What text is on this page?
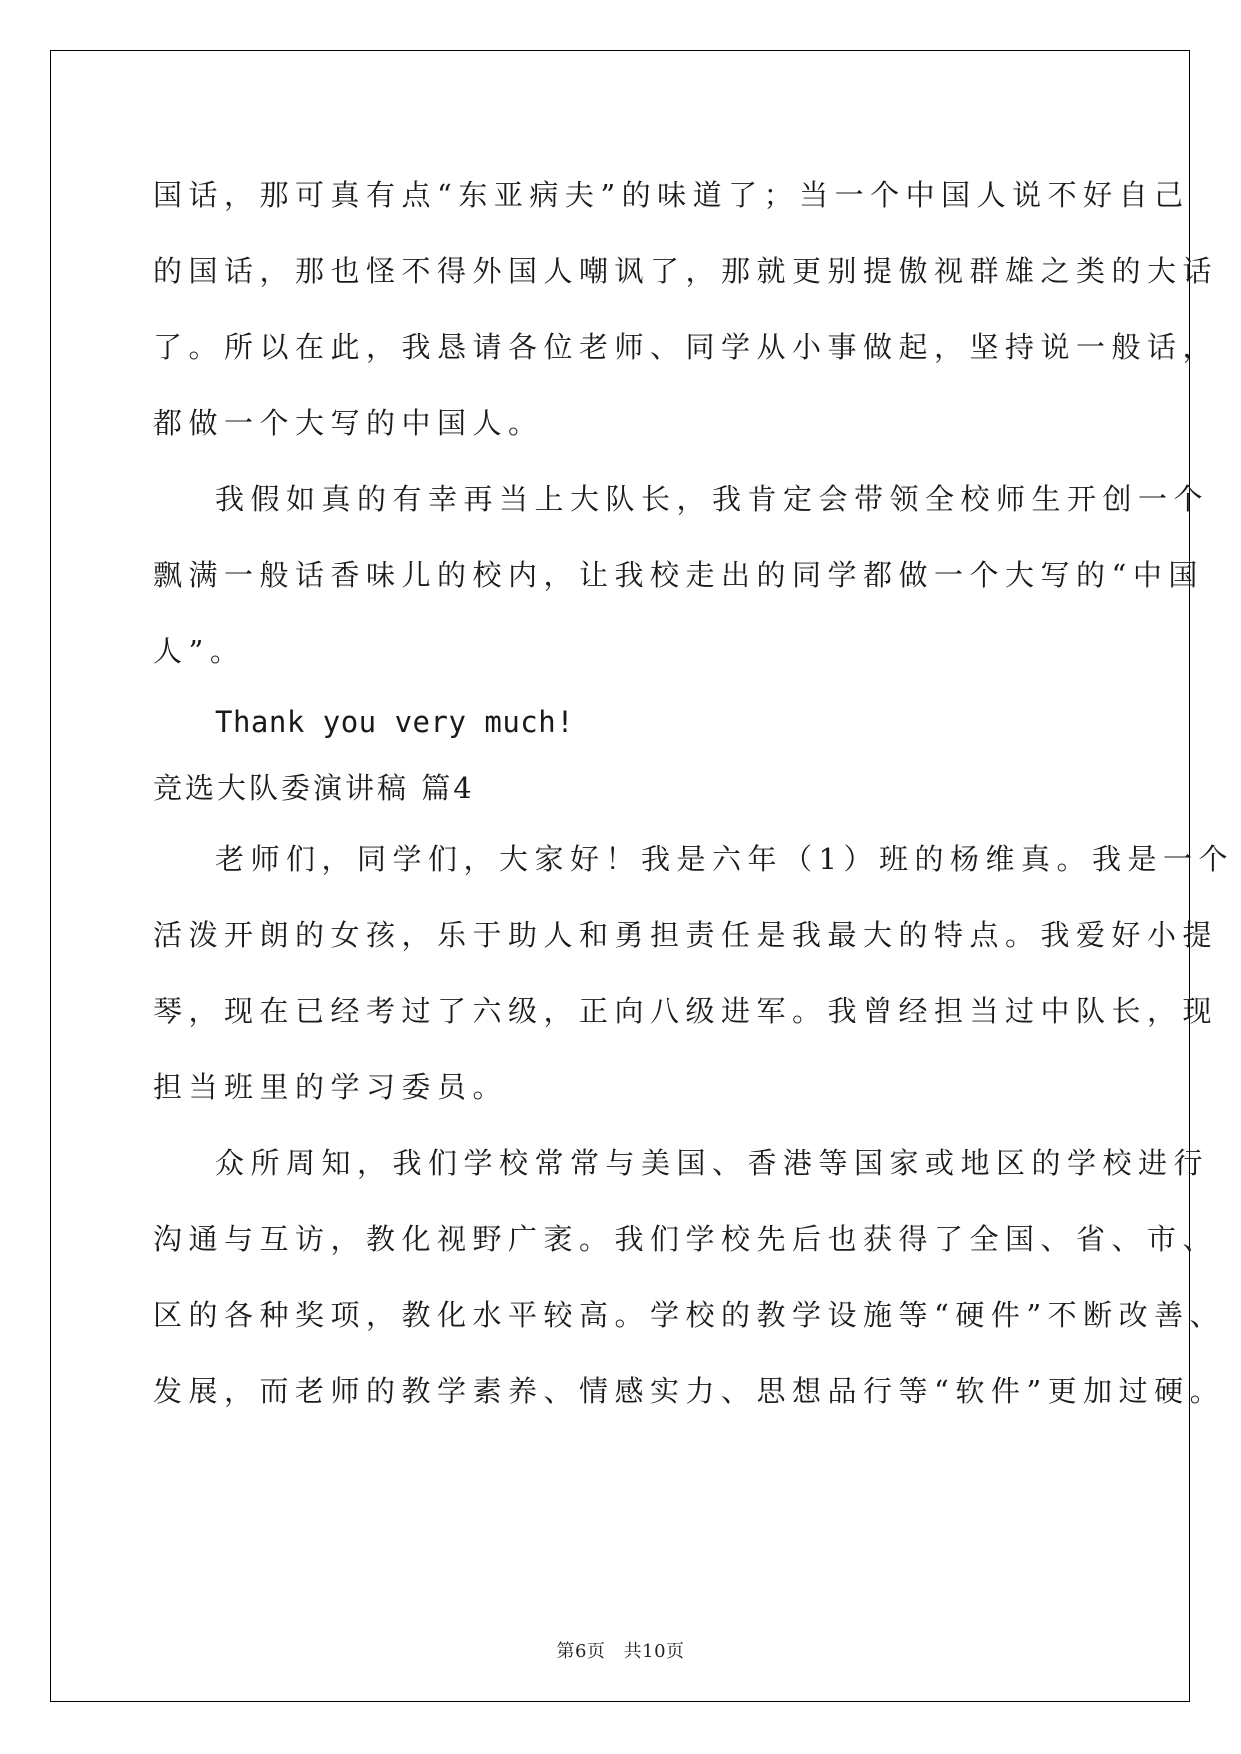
国话，那可真有点“东亚病夫”的味道了；当一个中国人说不好自己
的国话，那也怪不得外国人嘲讽了，那就更别提傲视群雄之类的大话
了。所以在此，我恳请各位老师、同学从小事做起，坚持说一般话，
都做一个大写的中国人。
我假如真的有幸再当上大队长，我肯定会带领全校师生开创一个
飘满一般话香味儿的校内，让我校走出的同学都做一个大写的“中国
人”。
Thank you very much!
竞选大队委演讲稿 篇4
老师们，同学们，大家好！我是六年（1）班的杨维真。我是一个
活泼开朗的女孩，乐于助人和勇担责任是我最大的特点。我爱好小提
琴，现在已经考过了六级，正向八级进军。我曾经担当过中队长，现
担当班里的学习委员。
众所周知，我们学校常常与美国、香港等国家或地区的学校进行
沟通与互访，教化视野广袤。我们学校先后也获得了全国、省、市、
区的各种奖项，教化水平较高。学校的教学设施等“硬件”不断改善、
发展，而老师的教学素养、情感实力、思想品行等“软件”更加过硬。
第6页 共10页
